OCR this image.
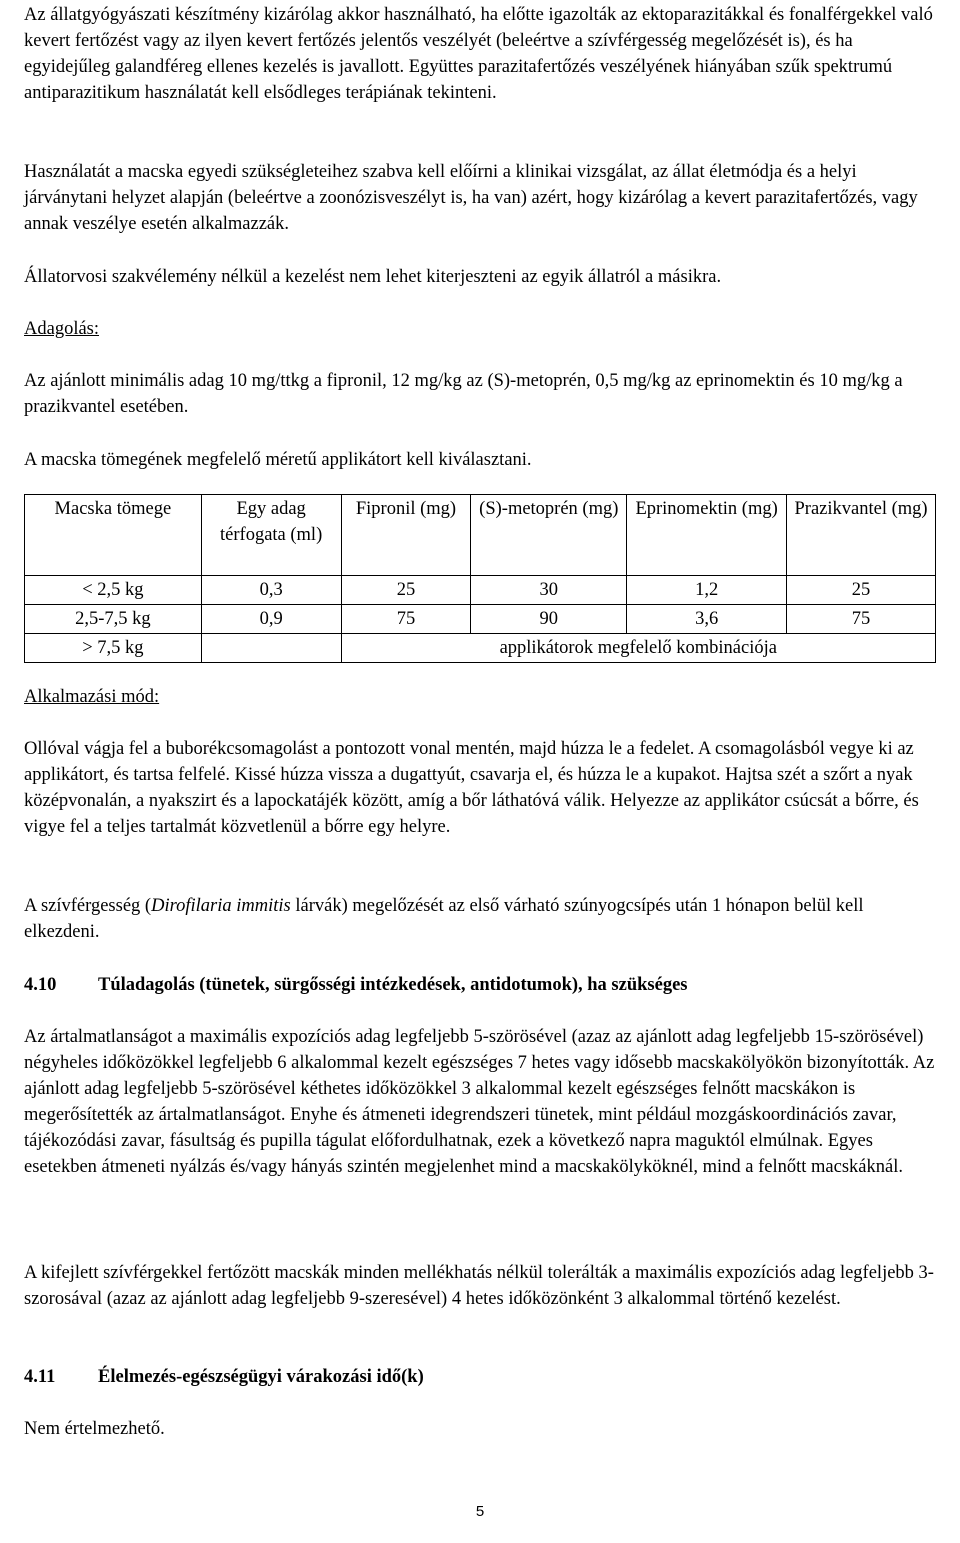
Az állatgyógyászati készítmény kizárólag akkor használható, ha előtte igazolták az ektoparazitákkal és fonalférgekkel való kevert fertőzést vagy az ilyen kevert fertőzés jelentős veszélyét (beleértve a szívférgesség megelőzését is), és ha egyidejűleg galandféreg ellenes kezelés is javallott. Együttes parazitafertőzés veszélyének hiányában szűk spektrumú antiparazitikum használatát kell elsődleges terápiának tekinteni.

Használatát a macska egyedi szükségleteihez szabva kell előírni a klinikai vizsgálat, az állat életmódja és a helyi járványtani helyzet alapján (beleértve a zoonózisveszélyt is, ha van) azért, hogy kizárólag a kevert parazitafertőzés, vagy annak veszélye esetén alkalmazzák.

Állatorvosi szakvélemény nélkül a kezelést nem lehet kiterjeszteni az egyik állatról a másikra.

Adagolás:

Az ajánlott minimális adag 10 mg/ttkg a fipronil, 12 mg/kg az (S)-metoprén, 0,5 mg/kg az eprinomektin és 10 mg/kg a prazikvantel esetében.

A macska tömegének megfelelő méretű applikátort kell kiválasztani.

Macska tömege	Egy adag térfogata (ml)	Fipronil (mg)	(S)-metoprén (mg)	Eprinomektin (mg)	Prazikvantel (mg)
< 2,5 kg	0,3	25	30	1,2	25
2,5-7,5 kg	0,9	75	90	3,6	75
> 7,5 kg		applikátorok megfelelő kombinációja			

Alkalmazási mód:

Ollóval vágja fel a buborékcsomagolást a pontozott vonal mentén, majd húzza le a fedelet. A csomagolásból vegye ki az applikátort, és tartsa felfelé. Kissé húzza vissza a dugattyút, csavarja el, és húzza le a kupakot. Hajtsa szét a szőrt a nyak középvonalán, a nyakszirt és a lapockatájék között, amíg a bőr láthatóvá válik. Helyezze az applikátor csúcsát a bőrre, és vigye fel a teljes tartalmát közvetlenül a bőrre egy helyre.

A szívférgesség (Dirofilaria immitis lárvák) megelőzését az első várható szúnyogcsípés után 1 hónapon belül kell elkezdeni.

4.10 Túladagolás (tünetek, sürgősségi intézkedések, antidotumok), ha szükséges

Az ártalmatlanságot a maximális expozíciós adag legfeljebb 5-szörösével (azaz az ajánlott adag legfeljebb 15-szörösével) négyheles időközökkel legfeljebb 6 alkalommal kezelt egészséges 7 hetes vagy idősebb macskakölyökön bizonyították. Az ajánlott adag legfeljebb 5-szörösével kéthetes időközökkel 3 alkalommal kezelt egészséges felnőtt macskákon is megerősítették az ártalmatlanságot. Enyhe és átmeneti idegrendszeri tünetek, mint például mozgáskoordinációs zavar, tájékozódási zavar, fásultság és pupilla tágulat előfordulhatnak, ezek a következő napra maguktól elmúlnak. Egyes esetekben átmeneti nyálzás és/vagy hányás szintén megjelenhet mind a macskakölyköknél, mind a felnőtt macskáknál.

A kifejlett szívférgekkel fertőzött macskák minden mellékhatás nélkül tolerálták a maximális expozíciós adag legfeljebb 3-szorosával (azaz az ajánlott adag legfeljebb 9-szeresével) 4 hetes időközönként 3 alkalommal történő kezelést.

4.11 Élelmezés-egészségügyi várakozási idő(k)

Nem értelmezhető.

5
